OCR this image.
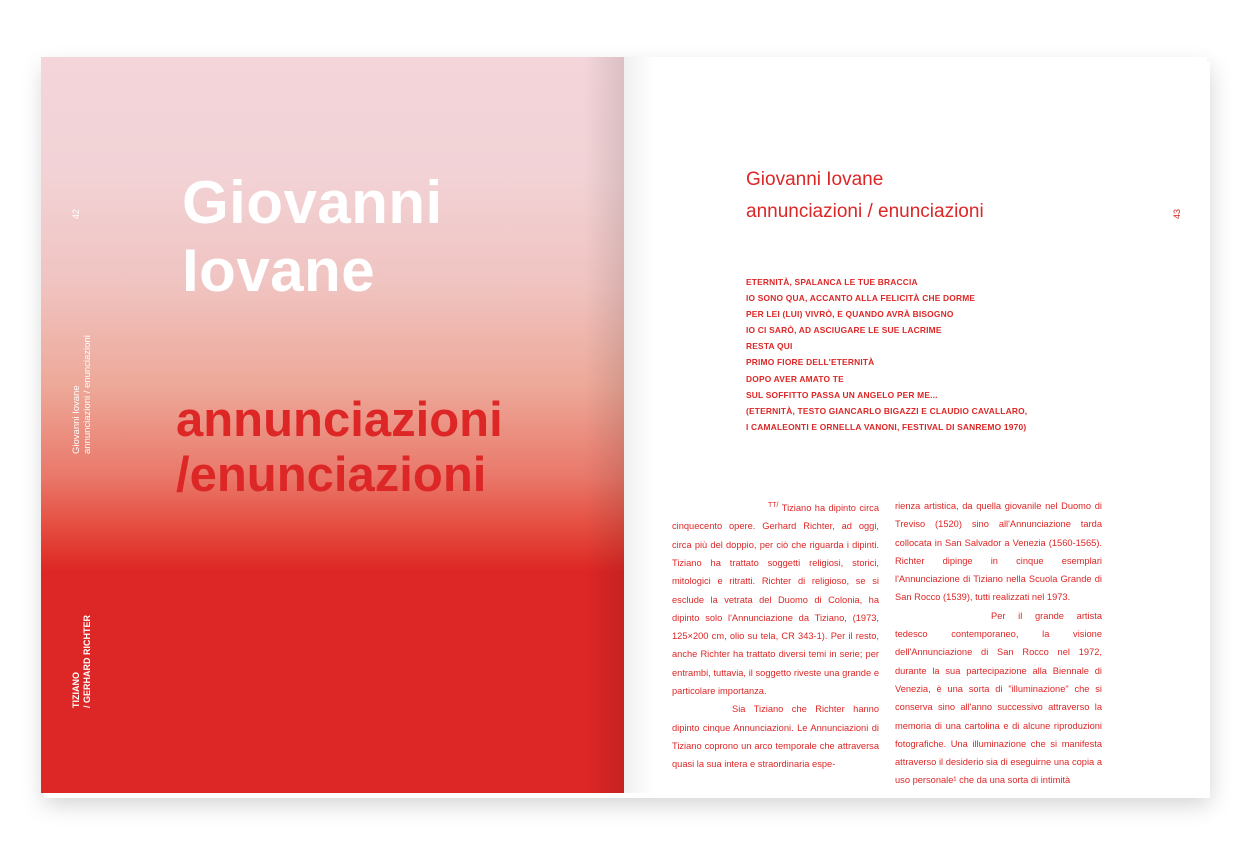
42
Giovanni Iovane annunciazioni / enunciazioni
TIZIANO / GERHARD RICHTER
Giovanni
Iovane
annunciazioni
/enunciazioni
Giovanni Iovane
annunciazioni / enunciazioni	43
ETERNITÀ, SPALANCA LE TUE BRACCIA
IO SONO QUA, ACCANTO ALLA FELICITÀ CHE DORME
PER LEI (LUI) VIVRÒ, E QUANDO AVRÀ BISOGNO
IO CI SARÒ, AD ASCIUGARE LE SUE LACRIME
RESTA QUI
PRIMO FIORE DELL'ETERNITÀ
DOPO AVER AMATO TE
SUL SOFFITTO PASSA UN ANGELO PER ME...
(ETERNITÀ, TESTO GIANCARLO BIGAZZI E CLAUDIO CAVALLARO,
I CAMALEONTI E ORNELLA VANONI, FESTIVAL DI SANREMO 1970)

$^{TT/}$ Tiziano ha dipinto circa cinquecento opere. Gerhard Richter, ad oggi, circa più del doppio, per ciò che riguarda i dipinti. Tiziano ha trattato soggetti religiosi, storici, mitologici e ritratti. Richter di religioso, se si esclude la vetrata del Duomo di Colonia, ha dipinto solo l'Annunciazione da Tiziano, (1973, 125×200 cm, olio su tela, CR 343-1). Per il resto, anche Richter ha trattato diversi temi in serie; per entrambi, tuttavia, il soggetto riveste una grande e particolare importanza.

Sia Tiziano che Richter hanno dipinto cinque Annunciazioni. Le Annunciazioni di Tiziano coprono un arco temporale che attraversa quasi la sua intera e straordinaria espe-

rienza artistica, da quella giovanile nel Duomo di Treviso (1520) sino all'Annunciazione tarda collocata in San Salvador a Venezia (1560-1565). Richter dipinge in cinque esemplari l'Annunciazione di Tiziano nella Scuola Grande di San Rocco (1539), tutti realizzati nel 1973.

Per il grande artista tedesco contemporaneo, la visione dell'Annunciazione di San Rocco nel 1972, durante la sua partecipazione alla Biennale di Venezia, è una sorta di "illuminazione" che si conserva sino all'anno successivo attraverso la memoria di una cartolina e di alcune riproduzioni fotografiche. Una illuminazione che si manifesta attraverso il desiderio sia di eseguirne una copia a uso personale¹ che da una sorta di intimità
